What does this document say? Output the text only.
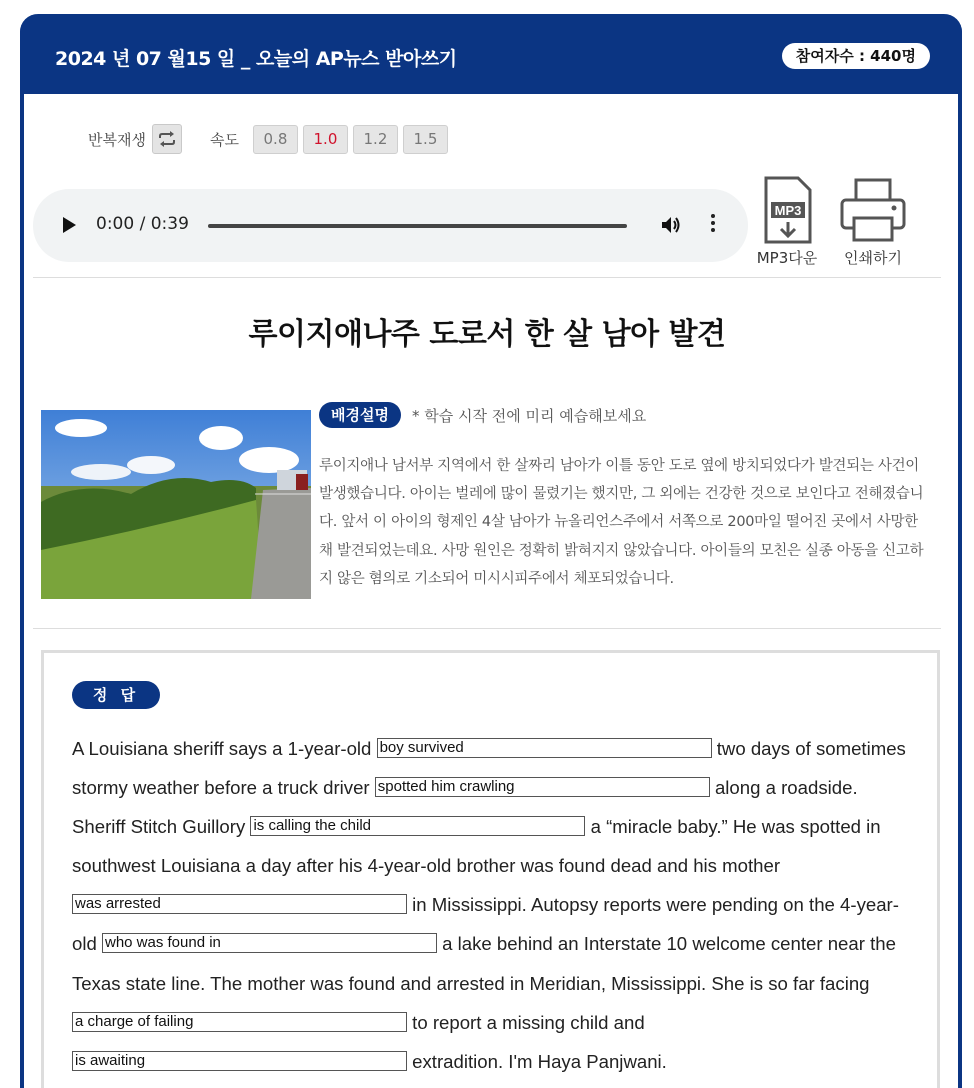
2024 년 07 월15 일 _ 오늘의 AP뉴스 받아쓰기	참여자수 : 440명
반복재생	속도	0.8	1.0	1.2	1.5
0:00 / 0:39
MP3
MP3다운	인쇄하기
루이지애나주 도로서 한 살 남아 발견
배경설명	* 학습 시작 전에 미리 예습해보세요
루이지애나 남서부 지역에서 한 살짜리 남아가 이틀 동안 도로 옆에 방치되었다가 발견되는 사건이 발생했습니다. 아이는 벌레에 많이 물렸기는 했지만, 그 외에는 건강한 것으로 보인다고 전해졌습니다. 앞서 이 아이의 형제인 4살 남아가 뉴올리언스주에서 서쪽으로 200마일 떨어진 곳에서 사망한 채 발견되었는데요. 사망 원인은 정확히 밝혀지지 않았습니다. 아이들의 모친은 실종 아동을 신고하지 않은 혐의로 기소되어 미시시피주에서 체포되었습니다.
정 답
A Louisiana sheriff says a 1-year-old boy survived	two days of sometimes stormy weather before a truck driver spotted him crawling	along a roadside. Sheriff Stitch Guillory is calling the child	a “miracle baby.” He was spotted in southwest Louisiana a day after his 4-year-old brother was found dead and his mother was arrested	in Mississippi. Autopsy reports were pending on the 4-year-old who was found in	a lake behind an Interstate 10 welcome center near the Texas state line. The mother was found and arrested in Meridian, Mississippi. She is so far facing a charge of failing	to report a missing child and is awaiting	extradition. I'm Haya Panjwani.
